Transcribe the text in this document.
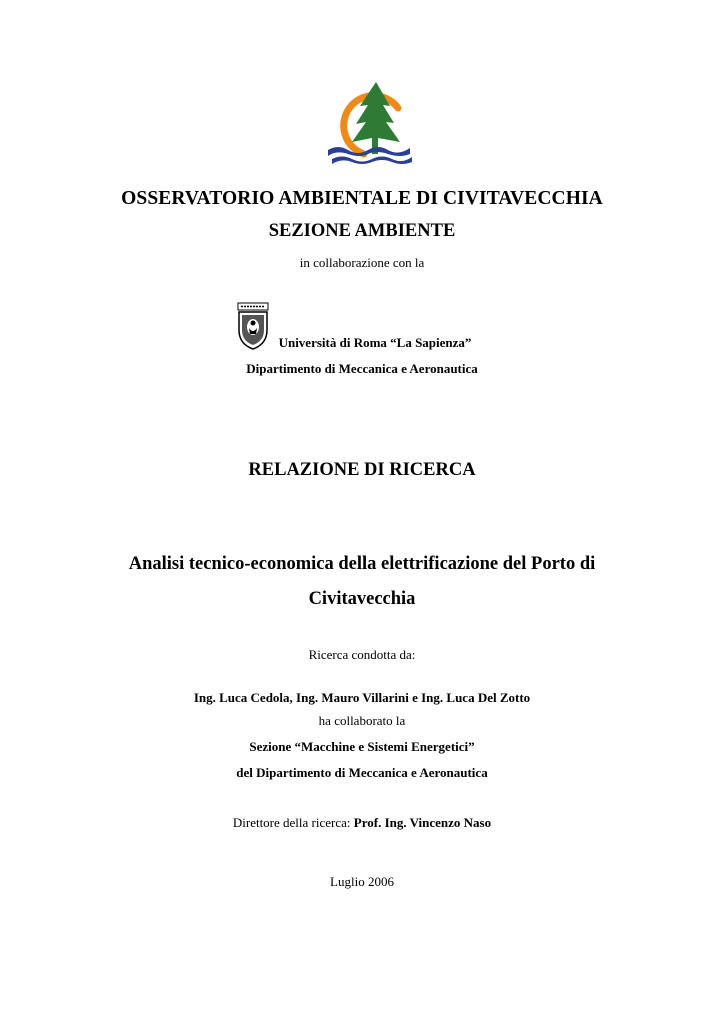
OSSERVATORIO AMBIENTALE DI CIVITAVECCHIA
SEZIONE AMBIENTE
in collaborazione con la
Università di Roma “La Sapienza”
Dipartimento di Meccanica e Aeronautica
RELAZIONE DI RICERCA
Analisi tecnico-economica della elettrificazione del Porto di
Civitavecchia
Ricerca condotta da:
Ing. Luca Cedola, Ing. Mauro Villarini e Ing. Luca Del Zotto
ha collaborato la
Sezione “Macchine e Sistemi Energetici”
del Dipartimento di Meccanica e Aeronautica
Direttore della ricerca: Prof. Ing. Vincenzo Naso
Luglio 2006
